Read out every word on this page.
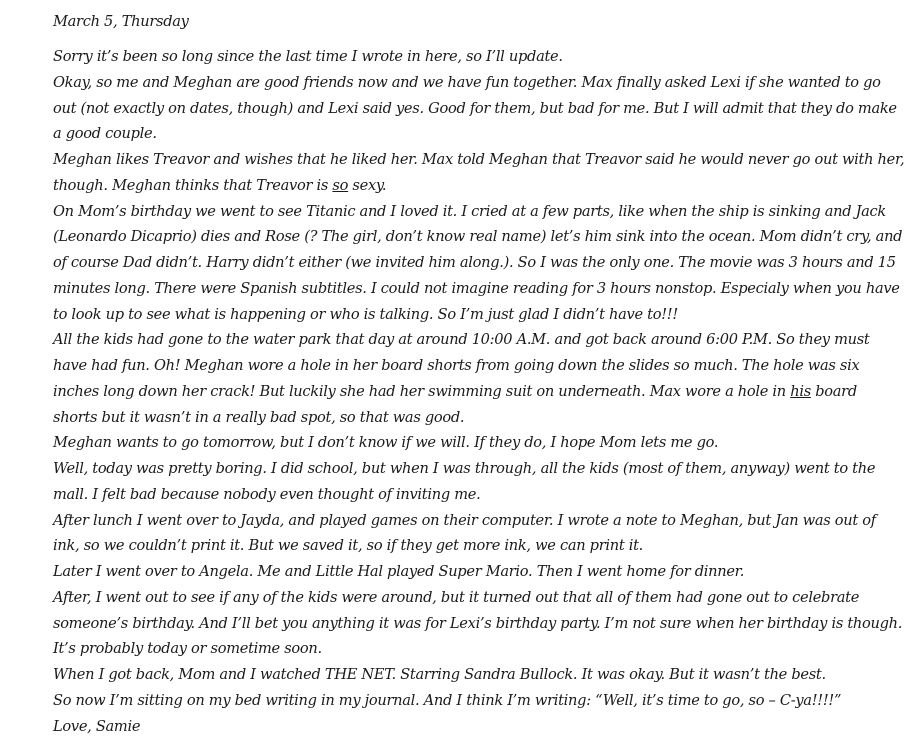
March 5, Thursday

Sorry it’s been so long since the last time I wrote in here, so I’ll update.

Okay, so me and Meghan are good friends now and we have fun together. Max finally asked Lexi if she wanted to go out (not exactly on dates, though) and Lexi said yes. Good for them, but bad for me. But I will admit that they do make a good couple.

Meghan likes Treavor and wishes that he liked her. Max told Meghan that Treavor said he would never go out with her, though. Meghan thinks that Treavor is so sexy.

On Mom’s birthday we went to see Titanic and I loved it. I cried at a few parts, like when the ship is sinking and Jack (Leonardo Dicaprio) dies and Rose (? The girl, don’t know real name) let’s him sink into the ocean. Mom didn’t cry, and of course Dad didn’t. Harry didn’t either (we invited him along.). So I was the only one. The movie was 3 hours and 15 minutes long. There were Spanish subtitles. I could not imagine reading for 3 hours nonstop. Especialy when you have to look up to see what is happening or who is talking. So I’m just glad I didn’t have to!!!

All the kids had gone to the water park that day at around 10:00 A.M. and got back around 6:00 P.M. So they must have had fun. Oh! Meghan wore a hole in her board shorts from going down the slides so much. The hole was six inches long down her crack! But luckily she had her swimming suit on underneath. Max wore a hole in his board shorts but it wasn’t in a really bad spot, so that was good.

Meghan wants to go tomorrow, but I don’t know if we will. If they do, I hope Mom lets me go.

Well, today was pretty boring. I did school, but when I was through, all the kids (most of them, anyway) went to the mall. I felt bad because nobody even thought of inviting me.

After lunch I went over to Jayda, and played games on their computer. I wrote a note to Meghan, but Jan was out of ink, so we couldn’t print it. But we saved it, so if they get more ink, we can print it.

Later I went over to Angela. Me and Little Hal played Super Mario. Then I went home for dinner.

After, I went out to see if any of the kids were around, but it turned out that all of them had gone out to celebrate someone’s birthday. And I’ll bet you anything it was for Lexi’s birthday party. I’m not sure when her birthday is though. It’s probably today or sometime soon.

When I got back, Mom and I watched THE NET. Starring Sandra Bullock. It was okay. But it wasn’t the best.

So now I’m sitting on my bed writing in my journal. And I think I’m writing: “Well, it’s time to go, so – C-ya!!!!”

Love, Samie
